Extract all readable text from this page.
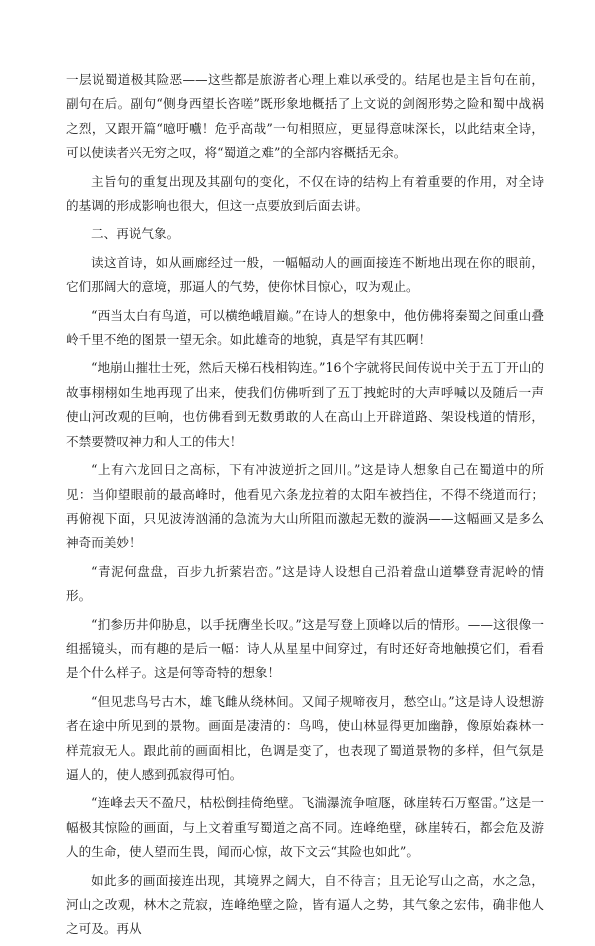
一层说蜀道极其险恶——这些都是旅游者心理上难以承受的。结尾也是主旨句在前，副句在后。副句“侧身西望长咨嗟”既形象地概括了上文说的剑阁形势之险和蜀中战祸之烈，又跟开篇“噫吁嚱！危乎高哉”一句相照应，更显得意味深长，以此结束全诗，可以使读者兴无穷之叹，将“蜀道之难”的全部内容概括无余。

主旨句的重复出现及其副句的变化，不仅在诗的结构上有着重要的作用，对全诗的基调的形成影响也很大，但这一点要放到后面去讲。

二、再说气象。

读这首诗，如从画廊经过一般，一幅幅动人的画面接连不断地出现在你的眼前，它们那阔大的意境，那逼人的气势，使你怵目惊心，叹为观止。

“西当太白有鸟道，可以横绝峨眉巅。”在诗人的想象中，他仿佛将秦蜀之间重山叠岭千里不绝的图景一望无余。如此雄奇的地貌，真是罕有其匹啊！

“地崩山摧壮士死，然后天梯石栈相钩连。”16个字就将民间传说中关于五丁开山的故事栩栩如生地再现了出来，使我们仿佛听到了五丁拽蛇时的大声呼喊以及随后一声使山河改观的巨响，也仿佛看到无数勇敢的人在高山上开辟道路、架设栈道的情形，不禁要赞叹神力和人工的伟大！

“上有六龙回日之高标，下有冲波逆折之回川。”这是诗人想象自己在蜀道中的所见：当仰望眼前的最高峰时，他看见六条龙拉着的太阳车被挡住，不得不绕道而行；再俯视下面，只见波涛汹涌的急流为大山所阻而激起无数的漩涡——这幅画又是多么神奇而美妙！

“青泥何盘盘，百步九折萦岩峦。”这是诗人设想自己沿着盘山道攀登青泥岭的情形。

“扪参历井仰胁息，以手抚膺坐长叹。”这是写登上顶峰以后的情形。——这很像一组摇镜头，而有趣的是后一幅：诗人从星星中间穿过，有时还好奇地触摸它们，看看是个什么样子。这是何等奇特的想象！

“但见悲鸟号古木，雄飞雌从绕林间。又闻子规啼夜月，愁空山。”这是诗人设想游者在途中所见到的景物。画面是凄清的：鸟鸣，使山林显得更加幽静，像原始森林一样荒寂无人。跟此前的画面相比，色调是变了，也表现了蜀道景物的多样，但气氛是逼人的，使人感到孤寂得可怕。

“连峰去天不盈尺，枯松倒挂倚绝壁。飞湍瀑流争喧豗，砯崖转石万壑雷。”这是一幅极其惊险的画面，与上文着重写蜀道之高不同。连峰绝壁，砯崖转石，都会危及游人的生命，使人望而生畏，闻而心惊，故下文云“其险也如此”。

如此多的画面接连出现，其境界之阔大，自不待言；且无论写山之高，水之急，河山之改观，林木之荒寂，连峰绝壁之险，皆有逼人之势，其气象之宏伟，确非他人之可及。再从
